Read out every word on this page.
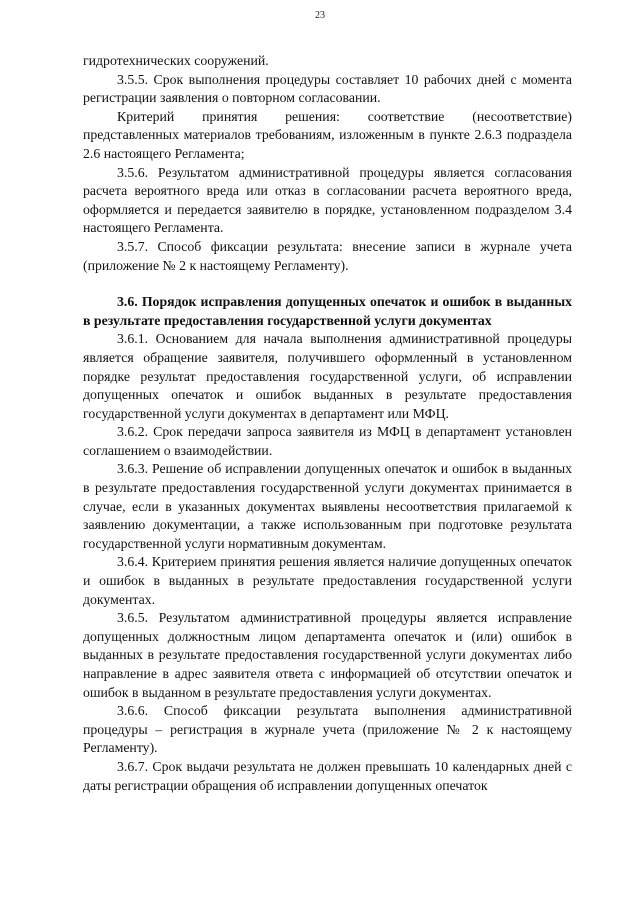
23

гидротехнических сооружений.

3.5.5. Срок выполнения процедуры составляет 10 рабочих дней с момента регистрации заявления о повторном согласовании.

Критерий принятия решения: соответствие (несоответствие) представленных материалов требованиям, изложенным в пункте 2.6.3 подраздела 2.6 настоящего Регламента;

3.5.6. Результатом административной процедуры является согласования расчета вероятного вреда или отказ в согласовании расчета вероятного вреда, оформляется и передается заявителю в порядке, установленном подразделом 3.4 настоящего Регламента.

3.5.7. Способ фиксации результата: внесение записи в журнале учета (приложение № 2 к настоящему Регламенту).

3.6. Порядок исправления допущенных опечаток и ошибок в выданных в результате предоставления государственной услуги документах

3.6.1. Основанием для начала выполнения административной процедуры является обращение заявителя, получившего оформленный в установленном порядке результат предоставления государственной услуги, об исправлении допущенных опечаток и ошибок выданных в результате предоставления государственной услуги документах в департамент или МФЦ.

3.6.2. Срок передачи запроса заявителя из МФЦ в департамент установлен соглашением о взаимодействии.

3.6.3. Решение об исправлении допущенных опечаток и ошибок в выданных в результате предоставления государственной услуги документах принимается в случае, если в указанных документах выявлены несоответствия прилагаемой к заявлению документации, а также использованным при подготовке результата государственной услуги нормативным документам.

3.6.4. Критерием принятия решения является наличие допущенных опечаток и ошибок в выданных в результате предоставления государственной услуги документах.

3.6.5. Результатом административной процедуры является исправление допущенных должностным лицом департамента опечаток и (или) ошибок в выданных в результате предоставления государственной услуги документах либо направление в адрес заявителя ответа с информацией об отсутствии опечаток и ошибок в выданном в результате предоставления услуги документах.

3.6.6. Способ фиксации результата выполнения административной процедуры – регистрация в журнале учета (приложение № 2 к настоящему Регламенту).

3.6.7. Срок выдачи результата не должен превышать 10 календарных дней с даты регистрации обращения об исправлении допущенных опечаток
